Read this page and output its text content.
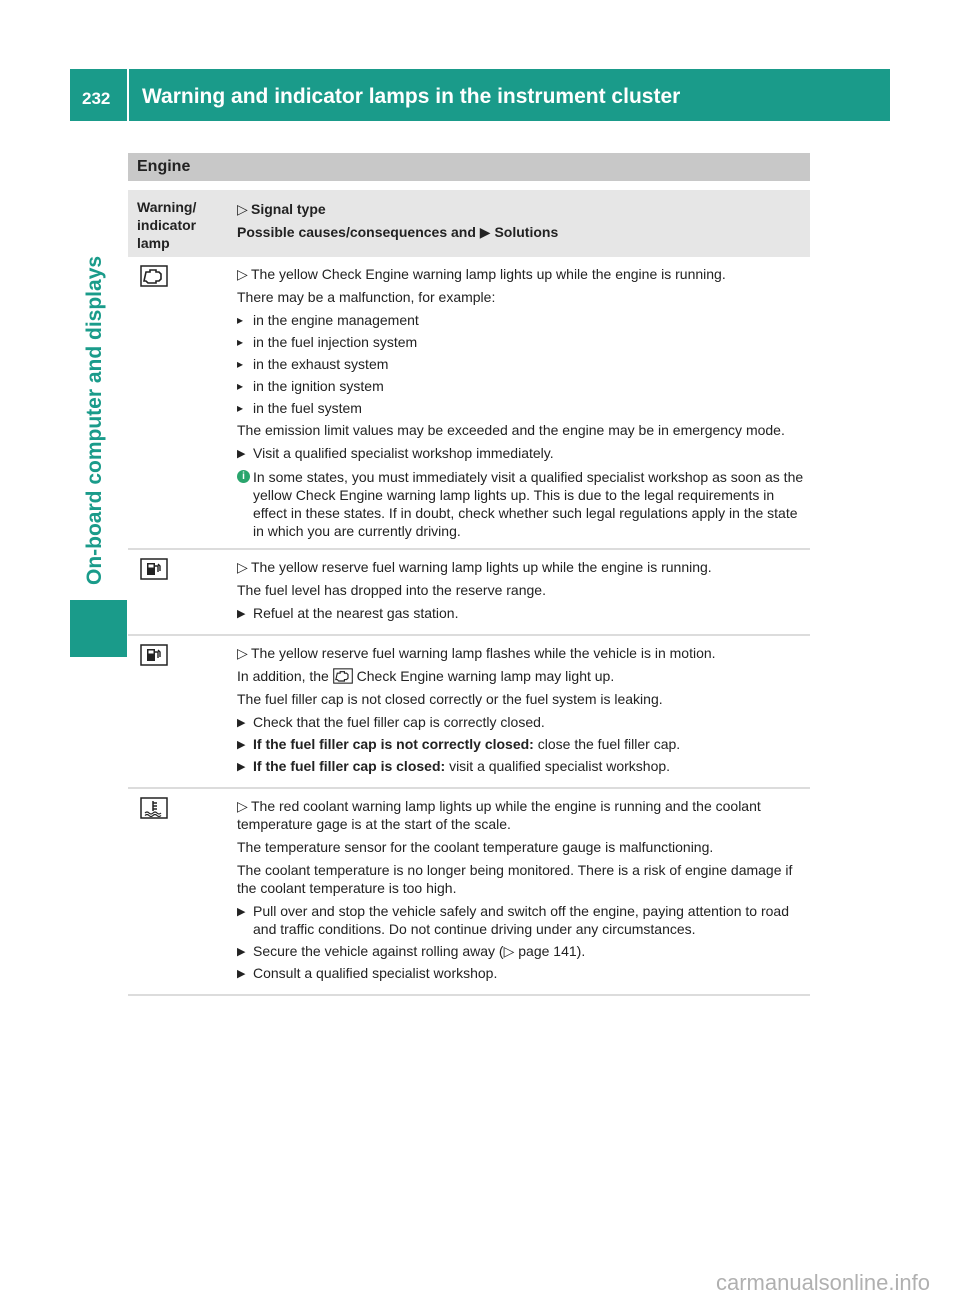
232 Warning and indicator lamps in the instrument cluster
On-board computer and displays
Engine
Warning/ indicator lamp
▷ Signal type
Possible causes/consequences and ▶ Solutions

▷ The yellow Check Engine warning lamp lights up while the engine is running.

There may be a malfunction, for example:

▸ in the engine management
▸ in the fuel injection system
▸ in the exhaust system
▸ in the ignition system
▸ in the fuel system

The emission limit values may be exceeded and the engine may be in emergency mode.

▶ Visit a qualified specialist workshop immediately.
i In some states, you must immediately visit a qualified specialist workshop as soon as the yellow Check Engine warning lamp lights up. This is due to the legal requirements in effect in these states. If in doubt, check whether such legal regulations apply in the state in which you are currently driving.

▷ The yellow reserve fuel warning lamp lights up while the engine is running.

The fuel level has dropped into the reserve range.

▶ Refuel at the nearest gas station.

▷ The yellow reserve fuel warning lamp flashes while the vehicle is in motion.

In addition, the Check Engine warning lamp may light up.

The fuel filler cap is not closed correctly or the fuel system is leaking.

▶ Check that the fuel filler cap is correctly closed.
▶ If the fuel filler cap is not correctly closed: close the fuel filler cap.
▶ If the fuel filler cap is closed: visit a qualified specialist workshop.

▷ The red coolant warning lamp lights up while the engine is running and the coolant temperature gage is at the start of the scale.

The temperature sensor for the coolant temperature gauge is malfunctioning.

The coolant temperature is no longer being monitored. There is a risk of engine damage if the coolant temperature is too high.

▶ Pull over and stop the vehicle safely and switch off the engine, paying attention to road and traffic conditions. Do not continue driving under any circumstances.
▶ Secure the vehicle against rolling away (▷ page 141).
▶ Consult a qualified specialist workshop.
carmanualsonline.info
